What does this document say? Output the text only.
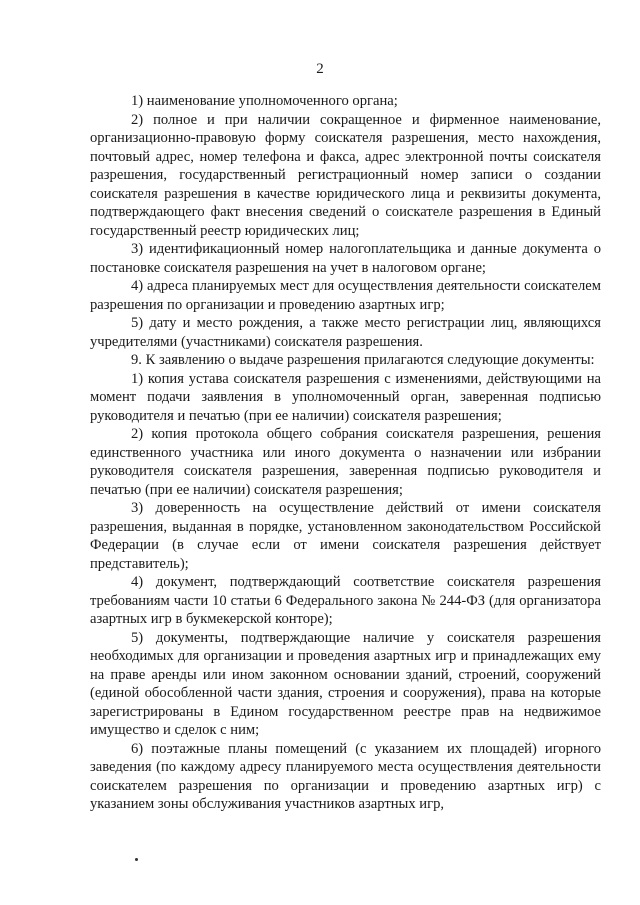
2

1) наименование уполномоченного органа;

2) полное и при наличии сокращенное и фирменное наименование, организационно-правовую форму соискателя разрешения, место нахождения, почтовый адрес, номер телефона и факса, адрес электронной почты соискателя разрешения, государственный регистрационный номер записи о создании соискателя разрешения в качестве юридического лица и реквизиты документа, подтверждающего факт внесения сведений о соискателе разрешения в Единый государственный реестр юридических лиц;

3) идентификационный номер налогоплательщика и данные документа о постановке соискателя разрешения на учет в налоговом органе;

4) адреса планируемых мест для осуществления деятельности соискателем разрешения по организации и проведению азартных игр;

5) дату и место рождения, а также место регистрации лиц, являющихся учредителями (участниками) соискателя разрешения.

9. К заявлению о выдаче разрешения прилагаются следующие документы:

1) копия устава соискателя разрешения с изменениями, действующими на момент подачи заявления в уполномоченный орган, заверенная подписью руководителя и печатью (при ее наличии) соискателя разрешения;

2) копия протокола общего собрания соискателя разрешения, решения единственного участника или иного документа о назначении или избрании руководителя соискателя разрешения, заверенная подписью руководителя и печатью (при ее наличии) соискателя разрешения;

3) доверенность на осуществление действий от имени соискателя разрешения, выданная в порядке, установленном законодательством Российской Федерации (в случае если от имени соискателя разрешения действует представитель);

4) документ, подтверждающий соответствие соискателя разрешения требованиям части 10 статьи 6 Федерального закона № 244-ФЗ (для организатора азартных игр в букмекерской конторе);

5) документы, подтверждающие наличие у соискателя разрешения необходимых для организации и проведения азартных игр и принадлежащих ему на праве аренды или ином законном основании зданий, строений, сооружений (единой обособленной части здания, строения и сооружения), права на которые зарегистрированы в Едином государственном реестре прав на недвижимое имущество и сделок с ним;

6) поэтажные планы помещений (с указанием их площадей) игорного заведения (по каждому адресу планируемого места осуществления деятельности соискателем разрешения по организации и проведению азартных игр) с указанием зоны обслуживания участников азартных игр,
